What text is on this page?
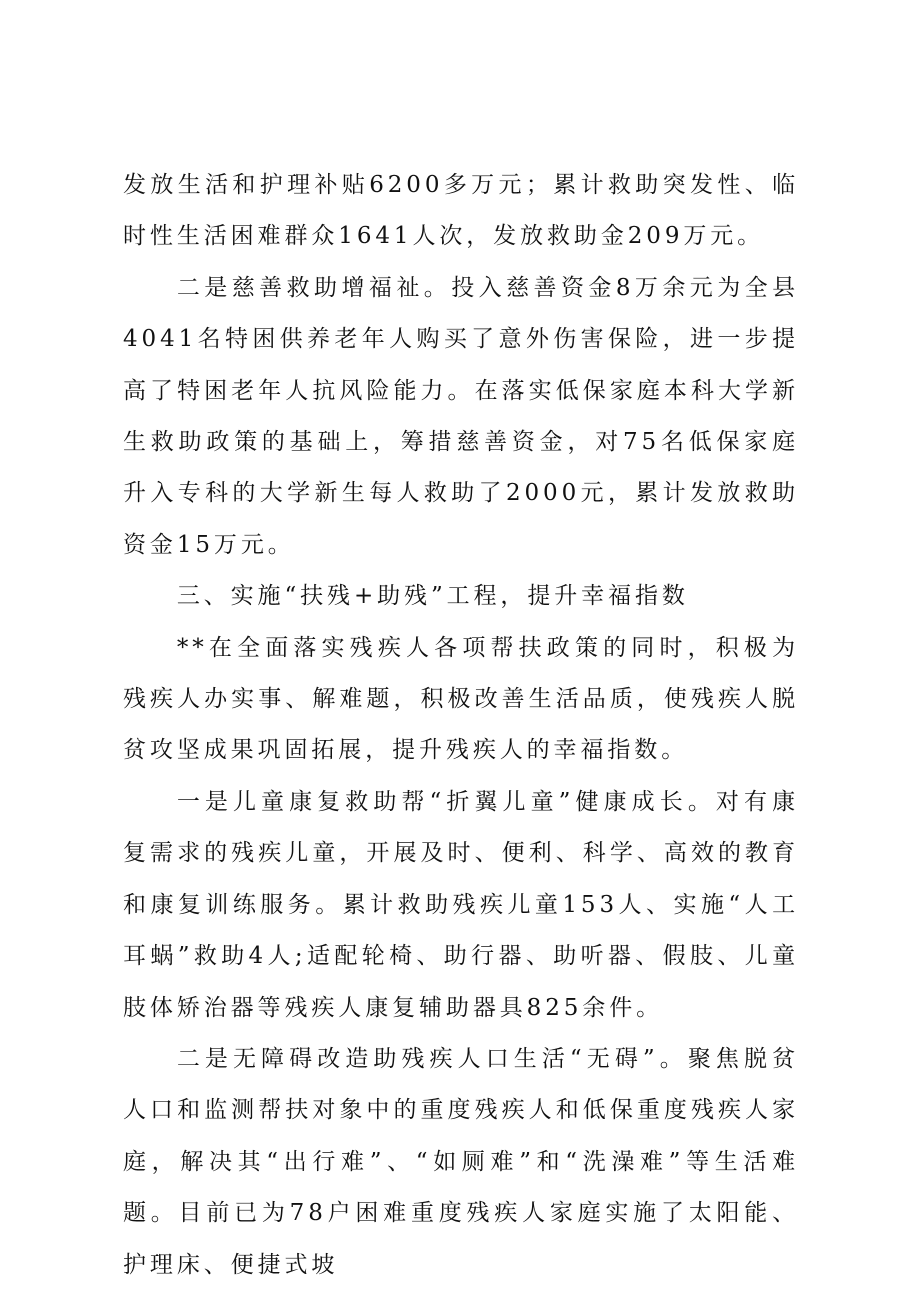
发放生活和护理补贴6200多万元；累计救助突发性、临时性生活困难群众1641人次，发放救助金209万元。

二是慈善救助增福祉。投入慈善资金8万余元为全县4041名特困供养老年人购买了意外伤害保险，进一步提高了特困老年人抗风险能力。在落实低保家庭本科大学新生救助政策的基础上，筹措慈善资金，对75名低保家庭升入专科的大学新生每人救助了2000元，累计发放救助资金15万元。

三、实施“扶残+助残”工程，提升幸福指数

**在全面落实残疾人各项帮扶政策的同时，积极为残疾人办实事、解难题，积极改善生活品质，使残疾人脱贫攻坚成果巩固拓展，提升残疾人的幸福指数。

一是儿童康复救助帮“折翼儿童”健康成长。对有康复需求的残疾儿童，开展及时、便利、科学、高效的教育和康复训练服务。累计救助残疾儿童153人、实施“人工耳蜗”救助4人;适配轮椅、助行器、助听器、假肢、儿童肢体矫治器等残疾人康复辅助器具825余件。

二是无障碍改造助残疾人口生活“无碍”。聚焦脱贫人口和监测帮扶对象中的重度残疾人和低保重度残疾人家庭，解决其“出行难”、“如厕难”和“洗澡难”等生活难题。目前已为78户困难重度残疾人家庭实施了太阳能、护理床、便捷式坡
